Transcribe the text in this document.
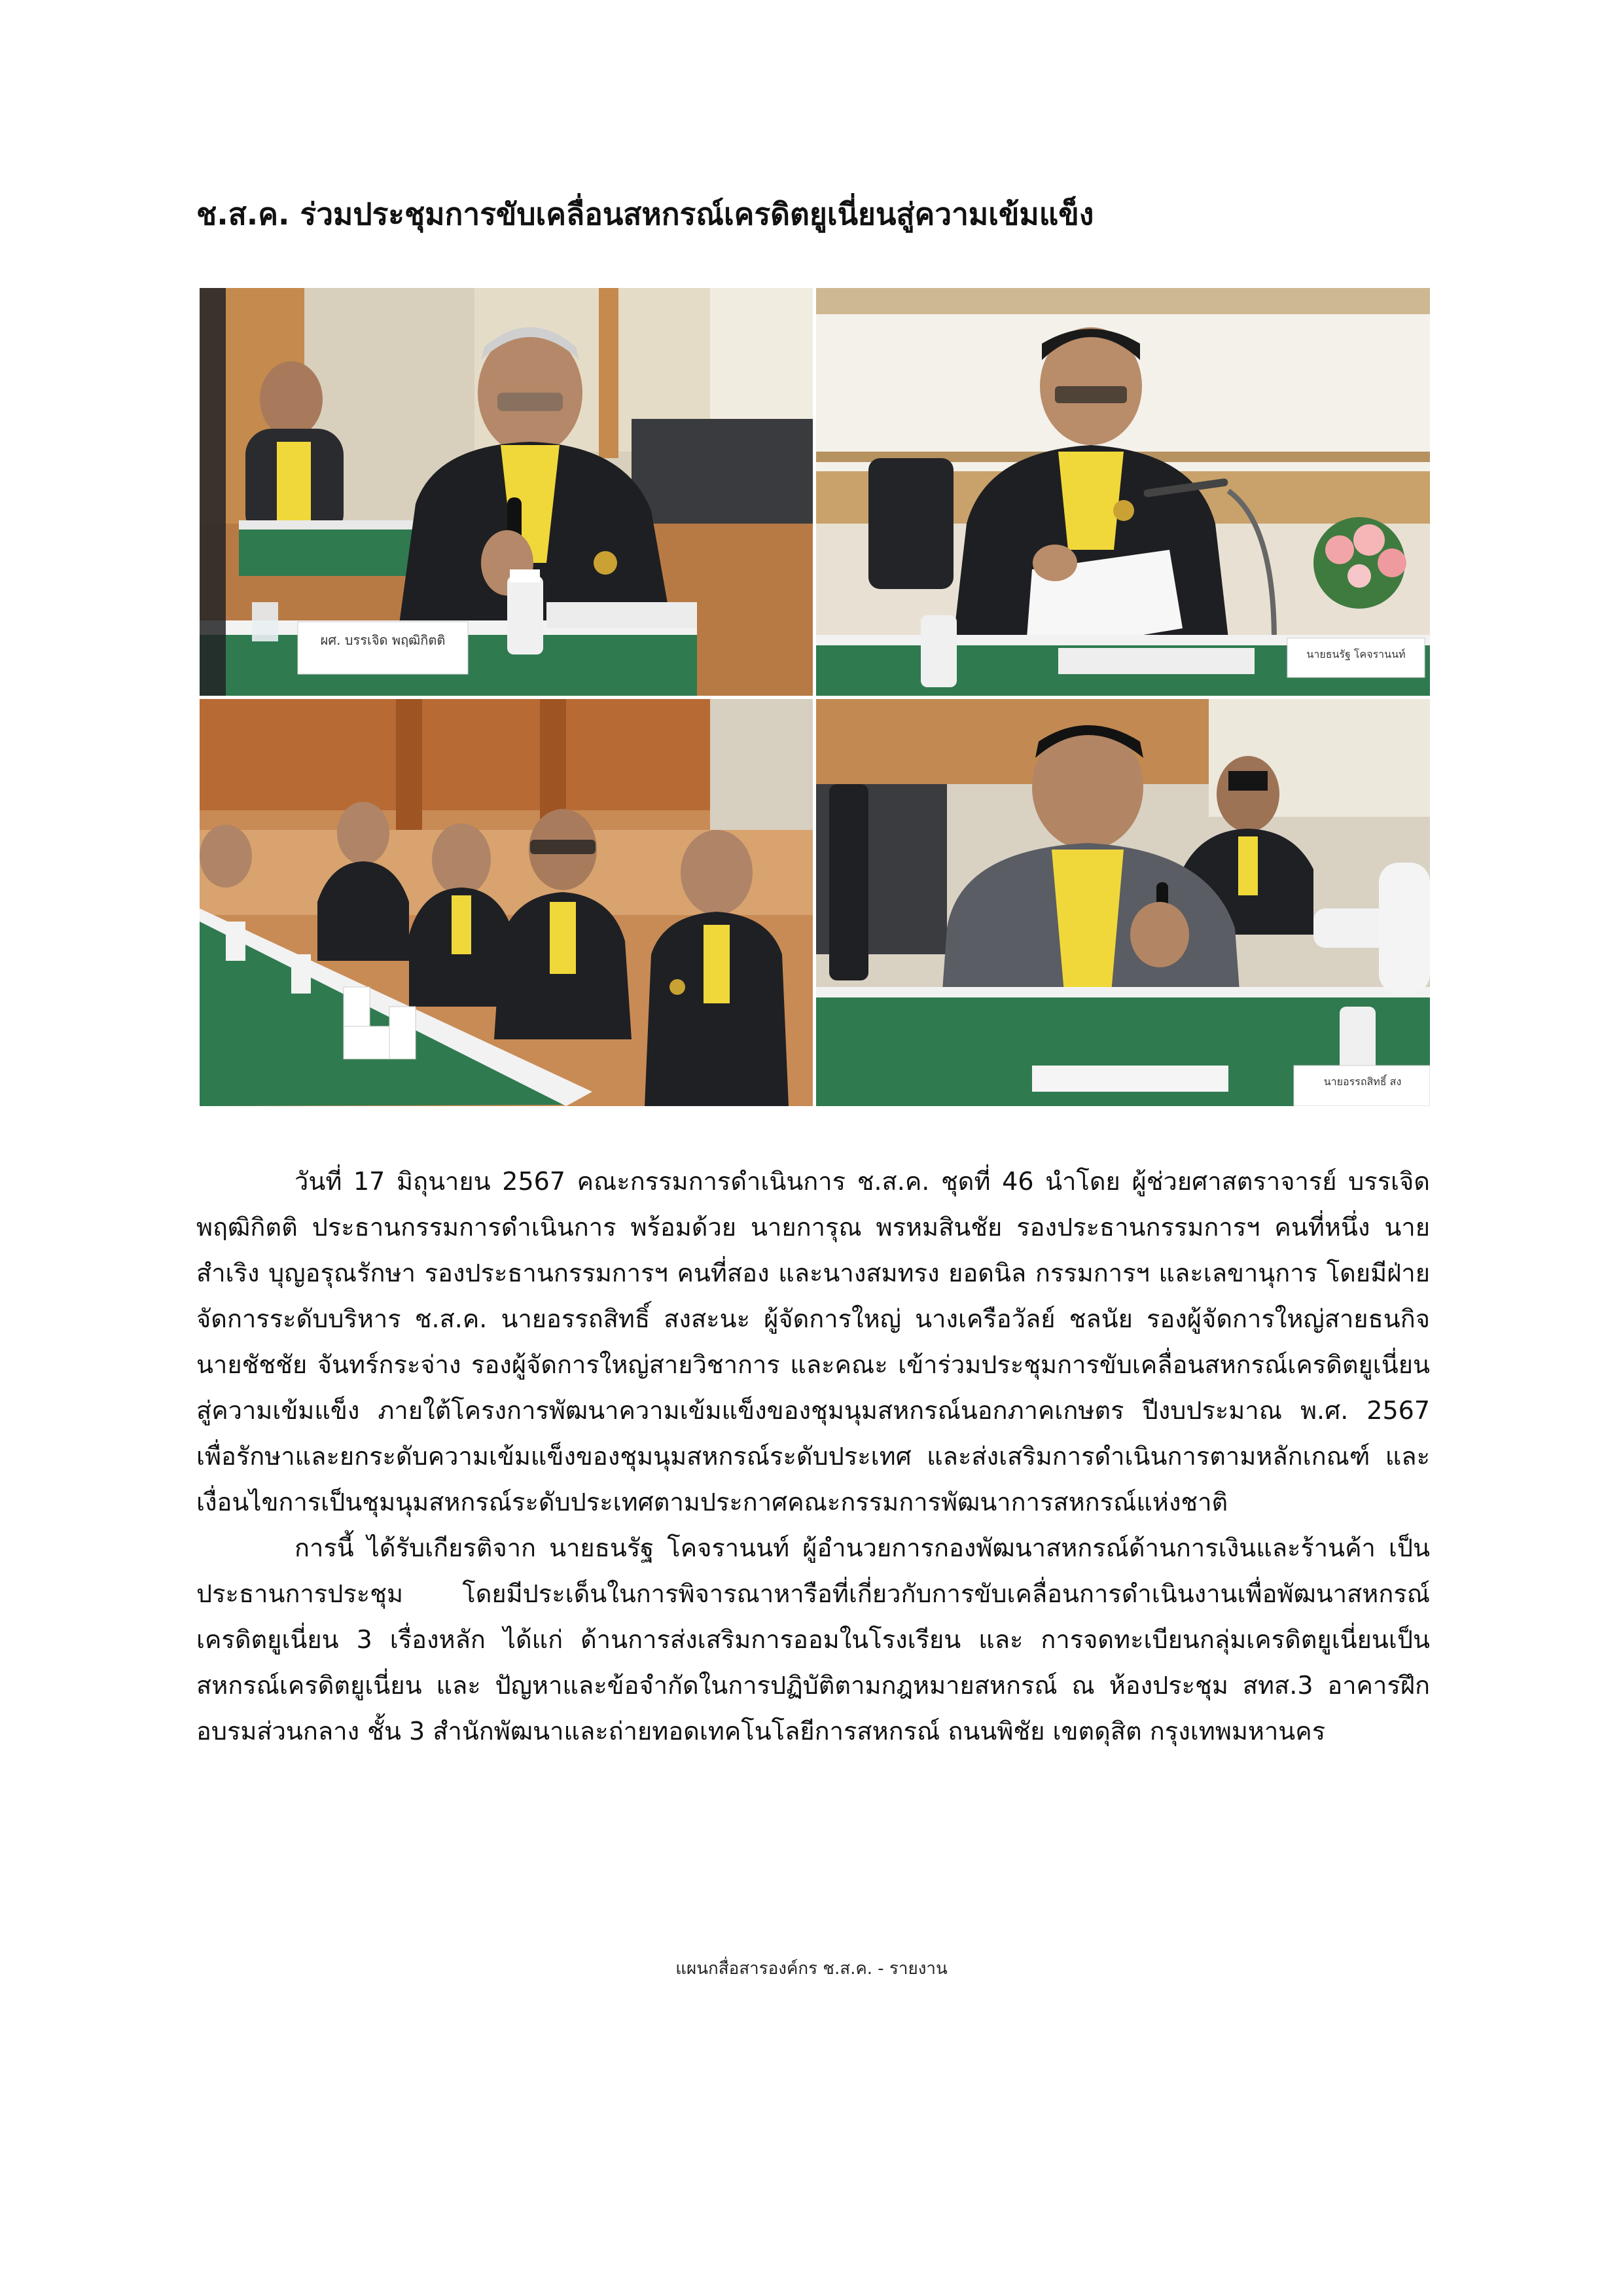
ช.ส.ค. ร่วมประชุมการขับเคลื่อนสหกรณ์เครดิตยูเนี่ยนสู่ความเข้มแข็ง
ผศ. บรรเจิด พฤฒิกิตติ
นายธนรัฐ โคจรานนท์
นายอรรถสิทธิ์ สง

วันที่ 17 มิถุนายน 2567 คณะกรรมการดำเนินการ ช.ส.ค. ชุดที่ 46 นำโดย ผู้ช่วยศาสตราจารย์ บรรเจิด พฤฒิกิตติ ประธานกรรมการดำเนินการ พร้อมด้วย นายการุณ พรหมสินชัย รองประธานกรรมการฯ คนที่หนึ่ง นายสำเริง บุญอรุณรักษา รองประธานกรรมการฯ คนที่สอง และนางสมทรง ยอดนิล กรรมการฯ และเลขานุการ โดยมีฝ่ายจัดการระดับบริหาร ช.ส.ค. นายอรรถสิทธิ์ สงสะนะ ผู้จัดการใหญ่ นางเครือวัลย์ ชลนัย รองผู้จัดการใหญ่สายธนกิจ นายชัชชัย จันทร์กระจ่าง รองผู้จัดการใหญ่สายวิชาการ และคณะ เข้าร่วมประชุมการขับเคลื่อนสหกรณ์เครดิตยูเนี่ยนสู่ความเข้มแข็ง ภายใต้โครงการพัฒนาความเข้มแข็งของชุมนุมสหกรณ์นอกภาคเกษตร ปีงบประมาณ พ.ศ. 2567 เพื่อรักษาและยกระดับความเข้มแข็งของชุมนุมสหกรณ์ระดับประเทศ และส่งเสริมการดำเนินการตามหลักเกณฑ์ และเงื่อนไขการเป็นชุมนุมสหกรณ์ระดับประเทศตามประกาศคณะกรรมการพัฒนาการสหกรณ์แห่งชาติ

การนี้ ได้รับเกียรติจาก นายธนรัฐ โคจรานนท์ ผู้อำนวยการกองพัฒนาสหกรณ์ด้านการเงินและร้านค้า เป็นประธานการประชุม โดยมีประเด็นในการพิจารณาหารือที่เกี่ยวกับการขับเคลื่อนการดำเนินงานเพื่อพัฒนาสหกรณ์เครดิตยูเนี่ยน 3 เรื่องหลัก ได้แก่ ด้านการส่งเสริมการออมในโรงเรียน และ การจดทะเบียนกลุ่มเครดิตยูเนี่ยนเป็นสหกรณ์เครดิตยูเนี่ยน และ ปัญหาและข้อจำกัดในการปฏิบัติตามกฎหมายสหกรณ์ ณ ห้องประชุม สทส.3 อาคารฝึกอบรมส่วนกลาง ชั้น 3 สำนักพัฒนาและถ่ายทอดเทคโนโลยีการสหกรณ์ ถนนพิชัย เขตดุสิต กรุงเทพมหานคร

แผนกสื่อสารองค์กร ช.ส.ค. - รายงาน
